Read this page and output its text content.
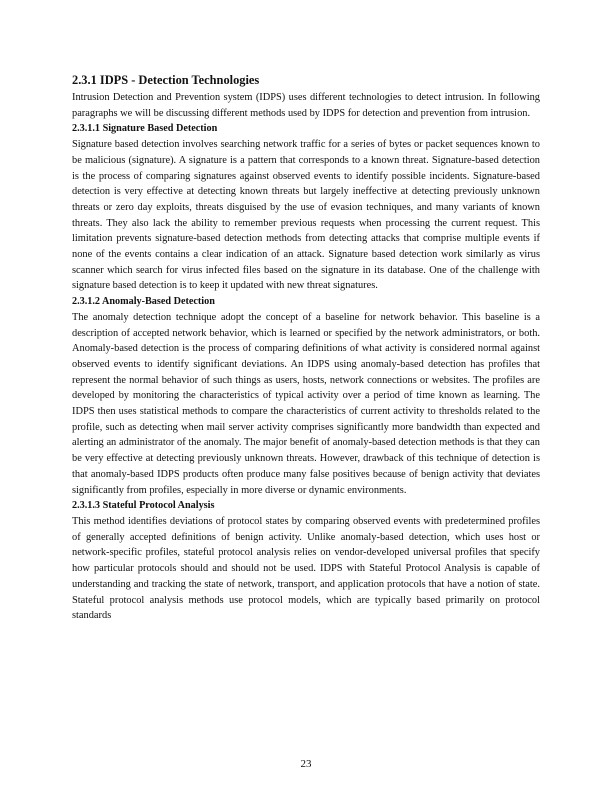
2.3.1 IDPS - Detection Technologies

Intrusion Detection and Prevention system (IDPS) uses different technologies to detect intrusion. In following paragraphs we will be discussing different methods used by IDPS for detection and prevention from intrusion.

2.3.1.1 Signature Based Detection

Signature based detection involves searching network traffic for a series of bytes or packet sequences known to be malicious (signature). A signature is a pattern that corresponds to a known threat. Signature-based detection is the process of comparing signatures against observed events to identify possible incidents. Signature-based detection is very effective at detecting known threats but largely ineffective at detecting previously unknown threats or zero day exploits, threats disguised by the use of evasion techniques, and many variants of known threats. They also lack the ability to remember previous requests when processing the current request. This limitation prevents signature-based detection methods from detecting attacks that comprise multiple events if none of the events contains a clear indication of an attack. Signature based detection work similarly as virus scanner which search for virus infected files based on the signature in its database. One of the challenge with signature based detection is to keep it updated with new threat signatures.

2.3.1.2 Anomaly-Based Detection

The anomaly detection technique adopt the concept of a baseline for network behavior. This baseline is a description of accepted network behavior, which is learned or specified by the network administrators, or both. Anomaly-based detection is the process of comparing definitions of what activity is considered normal against observed events to identify significant deviations. An IDPS using anomaly-based detection has profiles that represent the normal behavior of such things as users, hosts, network connections or websites. The profiles are developed by monitoring the characteristics of typical activity over a period of time known as learning. The IDPS then uses statistical methods to compare the characteristics of current activity to thresholds related to the profile, such as detecting when mail server activity comprises significantly more bandwidth than expected and alerting an administrator of the anomaly. The major benefit of anomaly-based detection methods is that they can be very effective at detecting previously unknown threats. However, drawback of this technique of detection is that anomaly-based IDPS products often produce many false positives because of benign activity that deviates significantly from profiles, especially in more diverse or dynamic environments.

2.3.1.3 Stateful Protocol Analysis

This method identifies deviations of protocol states by comparing observed events with predetermined profiles of generally accepted definitions of benign activity. Unlike anomaly-based detection, which uses host or network-specific profiles, stateful protocol analysis relies on vendor-developed universal profiles that specify how particular protocols should and should not be used. IDPS with Stateful Protocol Analysis is capable of understanding and tracking the state of network, transport, and application protocols that have a notion of state. Stateful protocol analysis methods use protocol models, which are typically based primarily on protocol standards

23
